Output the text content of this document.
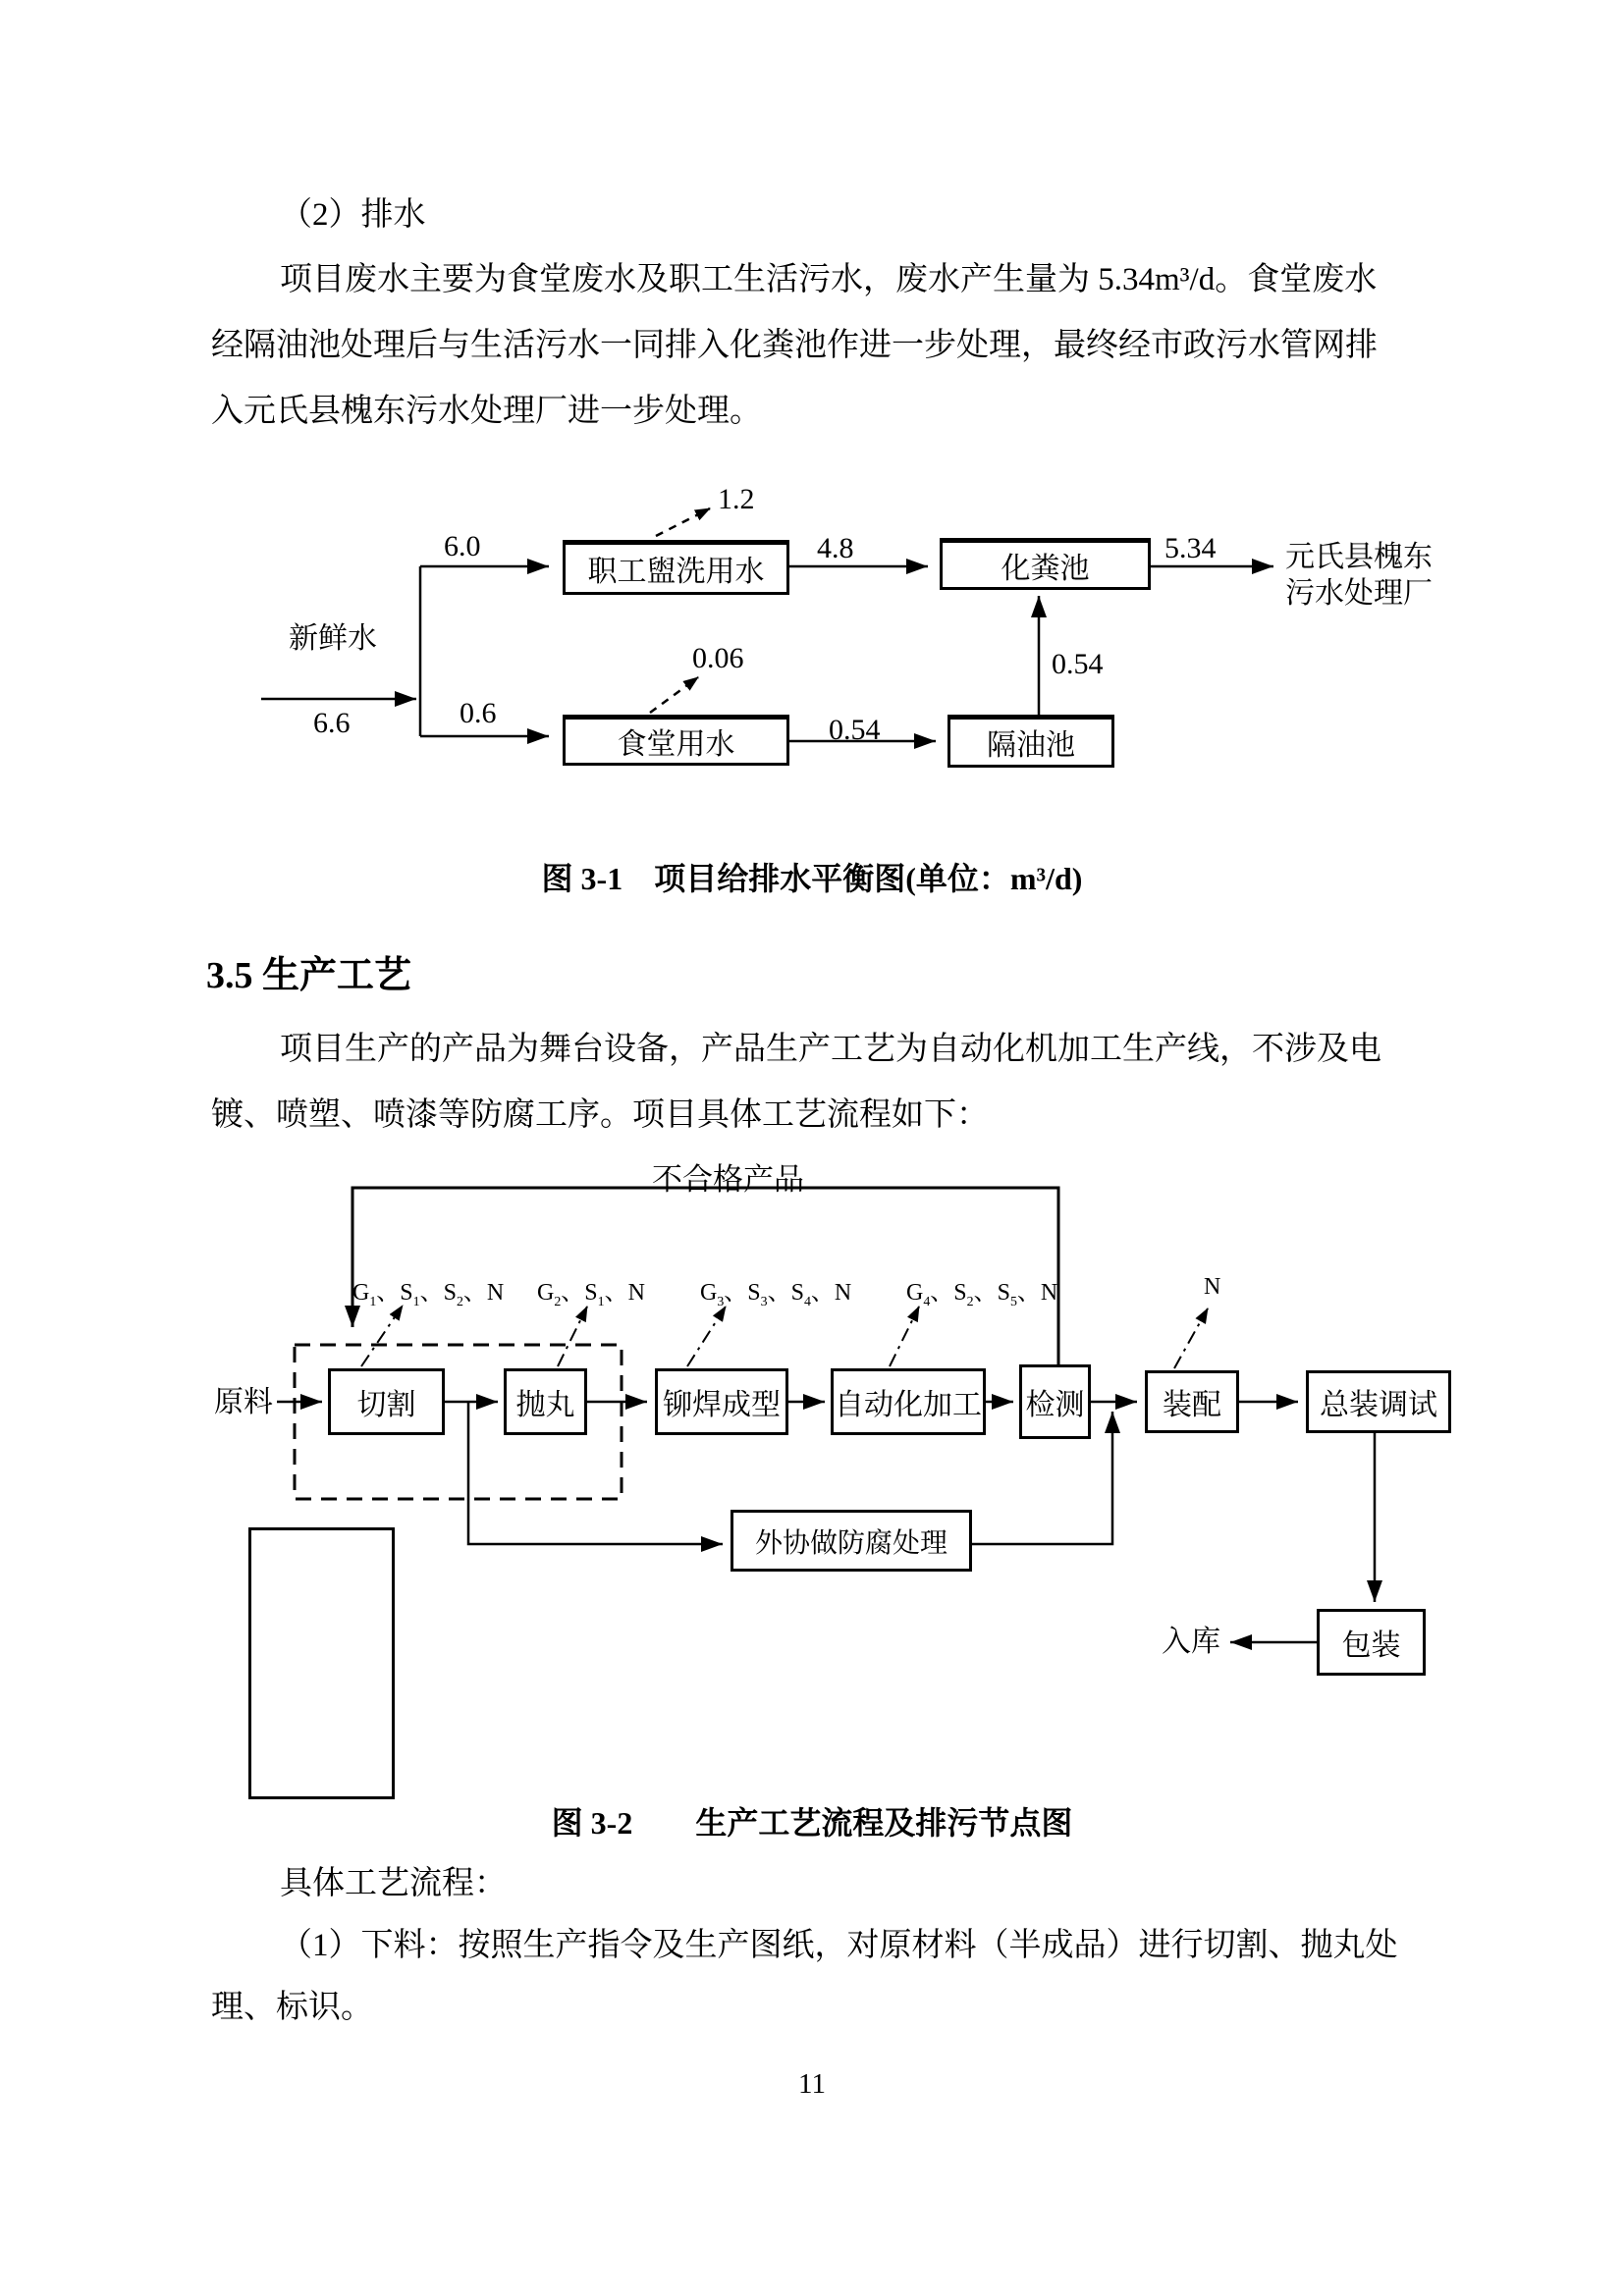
（2）排水
项目废水主要为食堂废水及职工生活污水，废水产生量为 5.34m³/d。食堂废水
经隔油池处理后与生活污水一同排入化粪池作进一步处理，最终经市政污水管网排
入元氏县槐东污水处理厂进一步处理。
职工盥洗用水	化粪池
食堂用水	隔油池
新鲜水
6.6
6.0
1.2
4.8	5.34
0.6
0.06
0.54
0.54
元氏县槐东
污水处理厂
图 3-1　项目给排水平衡图(单位：m³/d)
3.5 生产工艺
项目生产的产品为舞台设备，产品生产工艺为自动化机加工生产线，不涉及电
镀、喷塑、喷漆等防腐工序。项目具体工艺流程如下：
不合格产品
$G_1$、$S_1$、$S_2$、N $G_2$、$S_1$、N $G_3$、$S_3$、$S_4$、N $G_4$、$S_2$、$S_5$、N	N
原料	切割	抛丸	铆焊成型 自动化加工 检测	装配	总装调试
外协做防腐处理
包装
入库
图 3-2　　生产工艺流程及排污节点图
具体工艺流程：
（1）下料：按照生产指令及生产图纸，对原材料（半成品）进行切割、抛丸处
理、标识。
11
